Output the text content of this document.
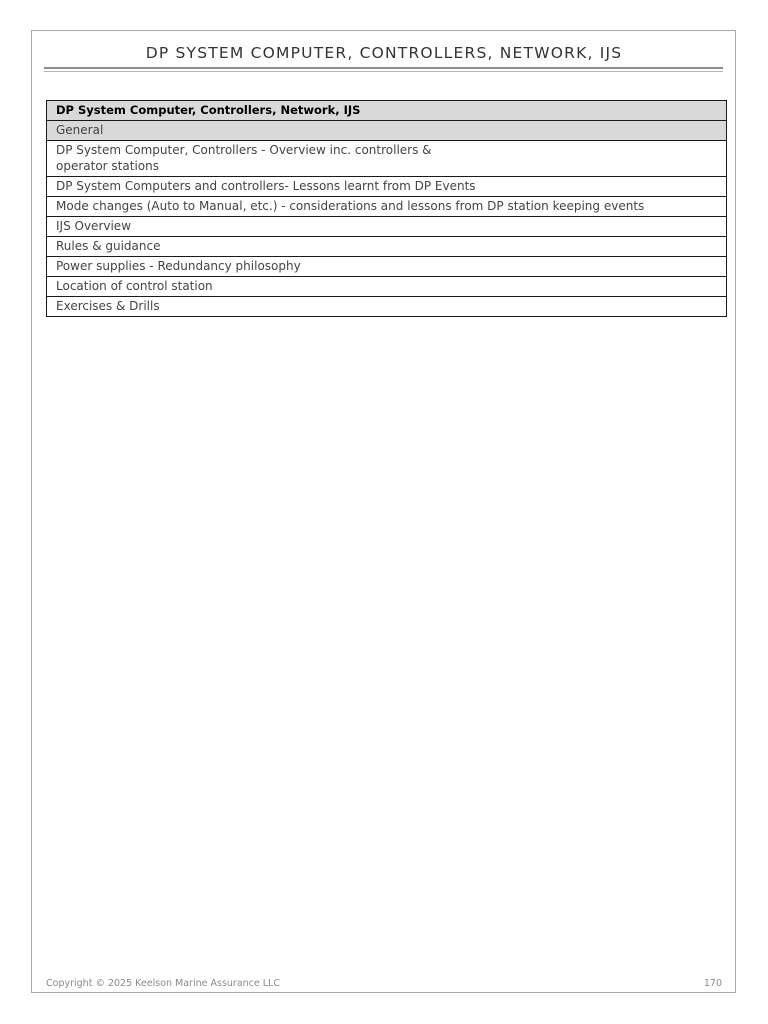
DP SYSTEM COMPUTER, CONTROLLERS, NETWORK, IJS
DP System Computer, Controllers, Network, IJS
General

DP System Computer, Controllers - Overview inc. controllers & operator stations

DP System Computers and controllers- Lessons learnt from DP Events
Mode changes (Auto to Manual, etc.) - considerations and lessons from DP station keeping events
IJS Overview
Rules & guidance
Power supplies - Redundancy philosophy
Location of control station
Exercises & Drills
Copyright © 2025 Keelson Marine Assurance LLC	170
